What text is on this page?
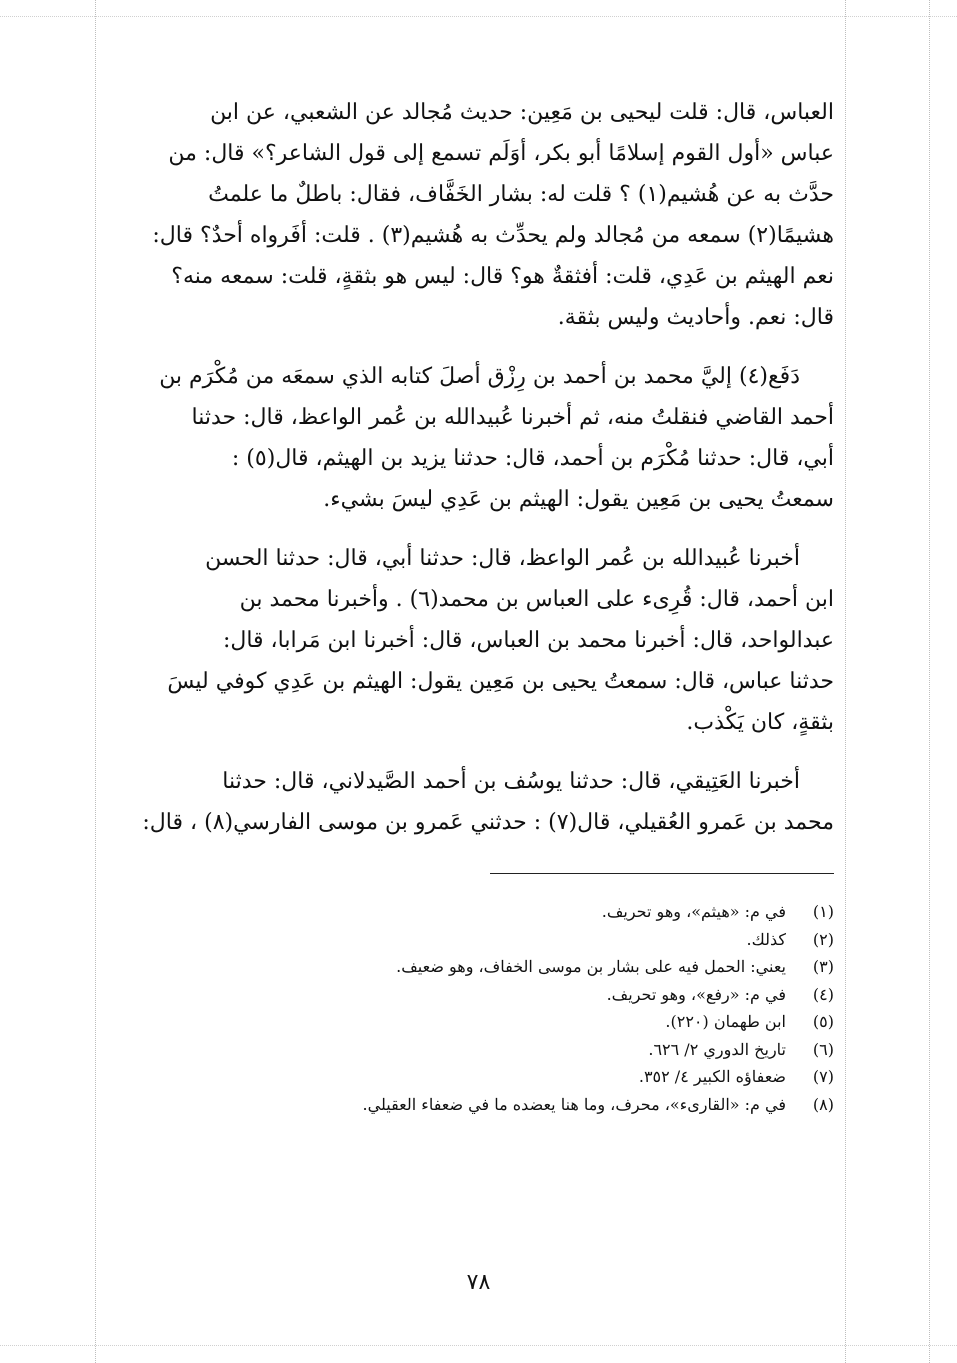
العباس، قال: قلت ليحيى بن مَعِين: حديث مُجالد عن الشعبي، عن ابن

عباس «أول القوم إسلامًا أبو بكر، أوَلَم تسمع إلى قول الشاعر؟» قال: من

حدَّث به عن هُشيم(١) ؟ قلت له: بشار الخَفَّاف، فقال: باطلٌ ما علمتُ

هشيمًا(٢) سمعه من مُجالد ولم يحدِّث به هُشيم(٣) . قلت: أفَرواه أحدٌ؟ قال:

نعم الهيثم بن عَدِي، قلت: أفثقةٌ هو؟ قال: ليس هو بثقةٍ، قلت: سمعه منه؟

قال: نعم. وأحاديث وليس بثقة.

دَفَع(٤) إليَّ محمد بن أحمد بن رِزْق أصلَ كتابه الذي سمعَه من مُكْرَم بن

أحمد القاضي فنقلتُ منه، ثم أخبرنا عُبيدالله بن عُمر الواعظ، قال: حدثنا

أبي، قال: حدثنا مُكْرَم بن أحمد، قال: حدثنا يزيد بن الهيثم، قال(٥) :

سمعتُ يحيى بن مَعِين يقول: الهيثم بن عَدِي ليسَ بشيء.

أخبرنا عُبيدالله بن عُمر الواعظ، قال: حدثنا أبي، قال: حدثنا الحسن

ابن أحمد، قال: قُرِىء على العباس بن محمد(٦) . وأخبرنا محمد بن

عبدالواحد، قال: أخبرنا محمد بن العباس، قال: أخبرنا ابن مَرابا، قال:

حدثنا عباس، قال: سمعتُ يحيى بن مَعِين يقول: الهيثم بن عَدِي كوفي ليسَ

بثقةٍ، كان يَكْذب.

أخبرنا العَتِيقي، قال: حدثنا يوسُف بن أحمد الصَّيدلاني، قال: حدثنا

محمد بن عَمرو العُقيلي، قال(٧) : حدثني عَمرو بن موسى الفارسي(٨) ، قال:

(١)
في م: «هيثم»، وهو تحريف.
(٢)
كذلك.
(٣)
يعني: الحمل فيه على بشار بن موسى الخفاف، وهو ضعيف.
(٤)
في م: «رفع»، وهو تحريف.
(٥)
ابن طهمان (٢٢٠).
(٦)
تاريخ الدوري ٢/ ٦٢٦.
(٧)
ضعفاؤه الكبير ٤/ ٣٥٢.
(٨)
في م: «القارىء»، محرف، وما هنا يعضده ما في ضعفاء العقيلي.
٧٨
